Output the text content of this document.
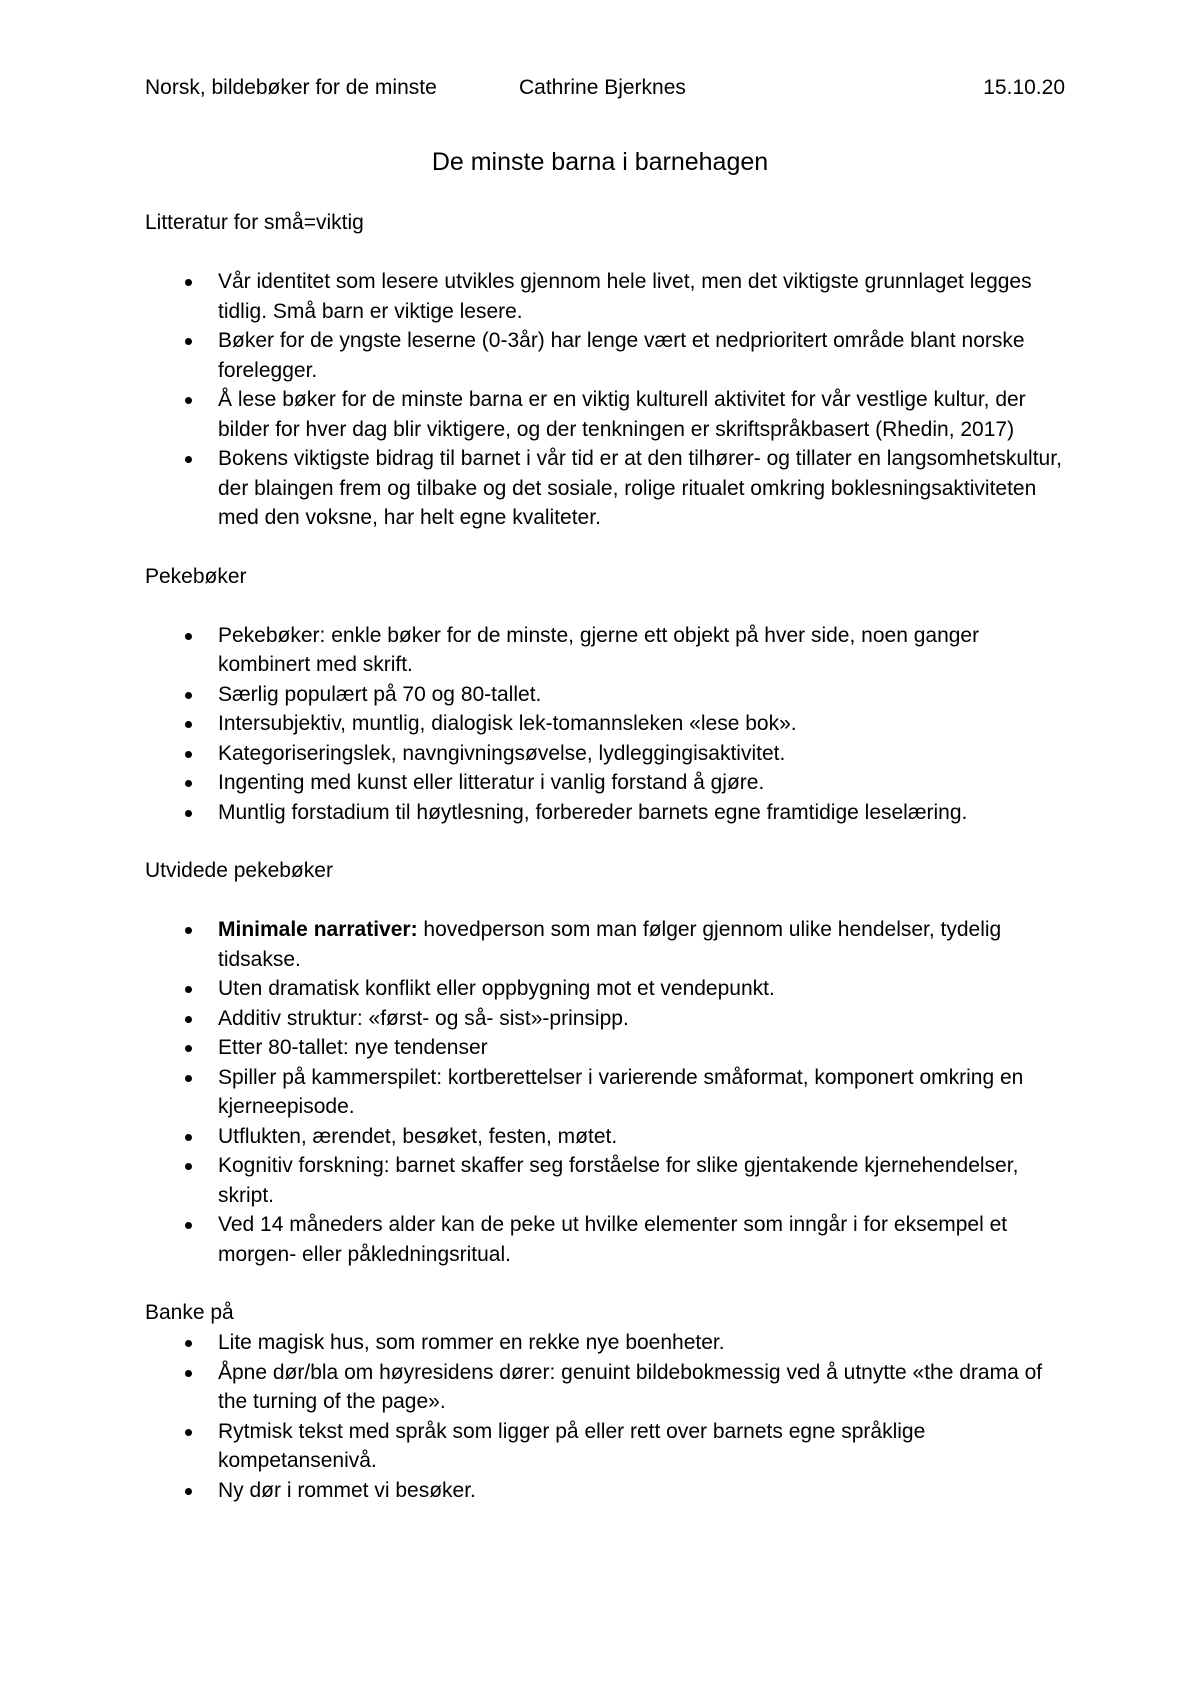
Norsk, bildebøker for de minste	Cathrine Bjerknes	15.10.20
De minste barna i barnehagen

Litteratur for små=viktig

Vår identitet som lesere utvikles gjennom hele livet, men det viktigste grunnlaget legges tidlig. Små barn er viktige lesere.
Bøker for de yngste leserne (0-3år) har lenge vært et nedprioritert område blant norske forelegger.
Å lese bøker for de minste barna er en viktig kulturell aktivitet for vår vestlige kultur, der bilder for hver dag blir viktigere, og der tenkningen er skriftspråkbasert (Rhedin, 2017)
Bokens viktigste bidrag til barnet i vår tid er at den tilhører- og tillater en langsomhetskultur, der blaingen frem og tilbake og det sosiale, rolige ritualet omkring boklesningsaktiviteten med den voksne, har helt egne kvaliteter.

Pekebøker

Pekebøker: enkle bøker for de minste, gjerne ett objekt på hver side, noen ganger kombinert med skrift.
Særlig populært på 70 og 80-tallet.
Intersubjektiv, muntlig, dialogisk lek-tomannsleken «lese bok».
Kategoriseringslek, navngivningsøvelse, lydleggingisaktivitet.
Ingenting med kunst eller litteratur i vanlig forstand å gjøre.
Muntlig forstadium til høytlesning, forbereder barnets egne framtidige leselæring.

Utvidede pekebøker

Minimale narrativer: hovedperson som man følger gjennom ulike hendelser, tydelig tidsakse.
Uten dramatisk konflikt eller oppbygning mot et vendepunkt.
Additiv struktur: «først- og så- sist»-prinsipp.
Etter 80-tallet: nye tendenser
Spiller på kammerspilet: kortberettelser i varierende småformat, komponert omkring en kjerneepisode.
Utflukten, ærendet, besøket, festen, møtet.
Kognitiv forskning: barnet skaffer seg forståelse for slike gjentakende kjernehendelser, skript.
Ved 14 måneders alder kan de peke ut hvilke elementer som inngår i for eksempel et morgen- eller påkledningsritual.

Banke på

Lite magisk hus, som rommer en rekke nye boenheter.
Åpne dør/bla om høyresidens dører: genuint bildebokmessig ved å utnytte «the drama of the turning of the page».
Rytmisk tekst med språk som ligger på eller rett over barnets egne språklige kompetansenivå.
Ny dør i rommet vi besøker.
